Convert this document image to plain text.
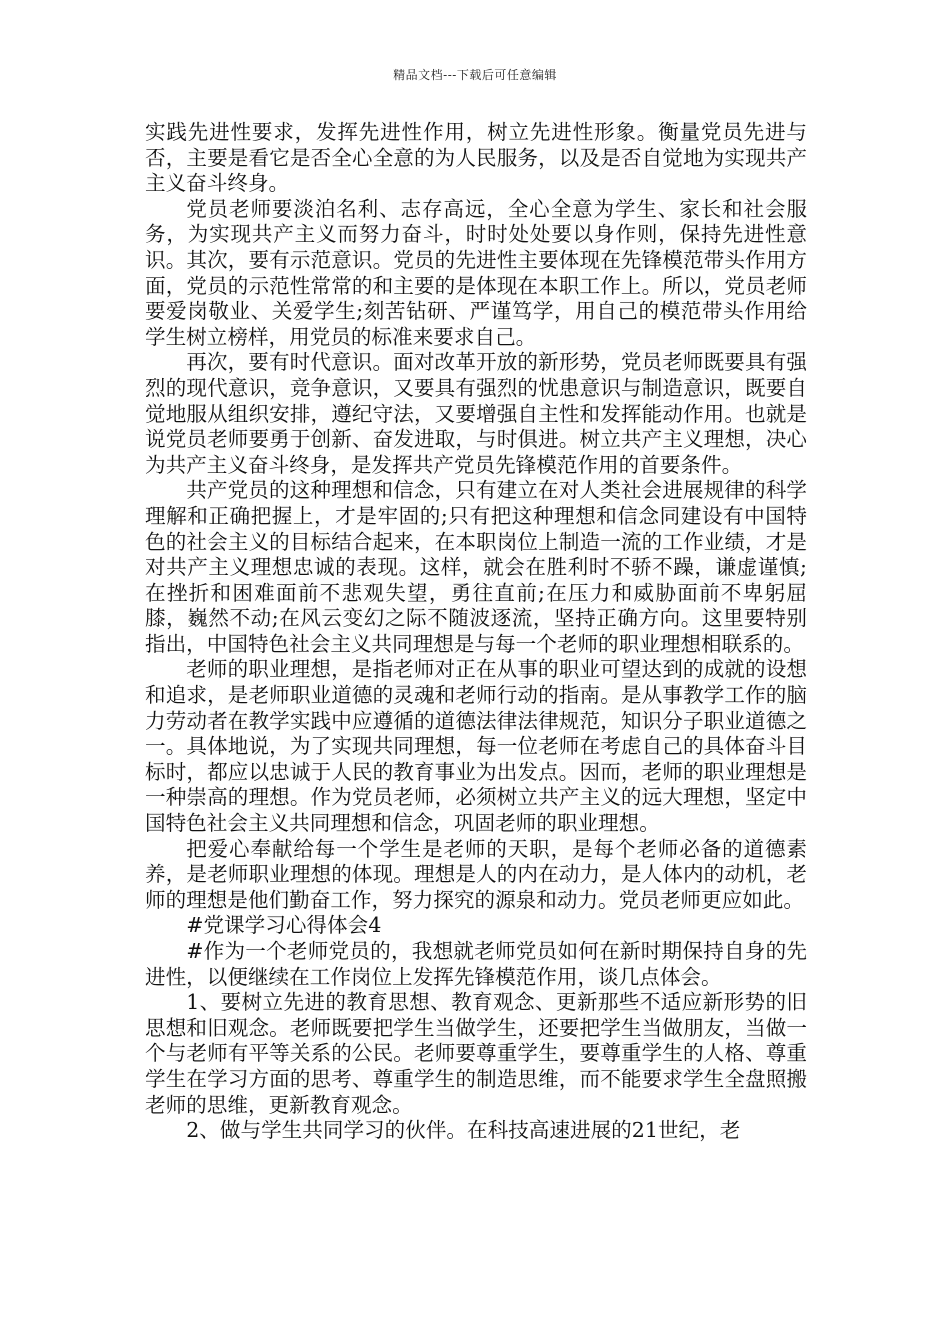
精品文档---下载后可任意编辑

实践先进性要求，发挥先进性作用，树立先进性形象。衡量党员先进与否，主要是看它是否全心全意的为人民服务，以及是否自觉地为实现共产主义奋斗终身。

党员老师要淡泊名利、志存高远，全心全意为学生、家长和社会服务，为实现共产主义而努力奋斗，时时处处要以身作则，保持先进性意识。其次，要有示范意识。党员的先进性主要体现在先锋模范带头作用方面，党员的示范性常常的和主要的是体现在本职工作上。所以，党员老师要爱岗敬业、关爱学生;刻苦钻研、严谨笃学，用自己的模范带头作用给学生树立榜样，用党员的标准来要求自己。

再次，要有时代意识。面对改革开放的新形势，党员老师既要具有强烈的现代意识，竞争意识，又要具有强烈的忧患意识与制造意识，既要自觉地服从组织安排，遵纪守法，又要增强自主性和发挥能动作用。也就是说党员老师要勇于创新、奋发进取，与时俱进。树立共产主义理想，决心为共产主义奋斗终身，是发挥共产党员先锋模范作用的首要条件。

共产党员的这种理想和信念，只有建立在对人类社会进展规律的科学理解和正确把握上，才是牢固的;只有把这种理想和信念同建设有中国特色的社会主义的目标结合起来，在本职岗位上制造一流的工作业绩，才是对共产主义理想忠诚的表现。这样，就会在胜利时不骄不躁，谦虚谨慎;在挫折和困难面前不悲观失望，勇往直前;在压力和威胁面前不卑躬屈膝，巍然不动;在风云变幻之际不随波逐流，坚持正确方向。这里要特别指出，中国特色社会主义共同理想是与每一个老师的职业理想相联系的。

老师的职业理想，是指老师对正在从事的职业可望达到的成就的设想和追求，是老师职业道德的灵魂和老师行动的指南。是从事教学工作的脑力劳动者在教学实践中应遵循的道德法律法律规范，知识分子职业道德之一。具体地说，为了实现共同理想，每一位老师在考虑自己的具体奋斗目标时，都应以忠诚于人民的教育事业为出发点。因而，老师的职业理想是一种崇高的理想。作为党员老师，必须树立共产主义的远大理想，坚定中国特色社会主义共同理想和信念，巩固老师的职业理想。

把爱心奉献给每一个学生是老师的天职，是每个老师必备的道德素养，是老师职业理想的体现。理想是人的内在动力，是人体内的动机，老师的理想是他们勤奋工作，努力探究的源泉和动力。党员老师更应如此。

#党课学习心得体会4

#作为一个老师党员的，我想就老师党员如何在新时期保持自身的先进性，以便继续在工作岗位上发挥先锋模范作用，谈几点体会。

1、要树立先进的教育思想、教育观念、更新那些不适应新形势的旧思想和旧观念。老师既要把学生当做学生，还要把学生当做朋友，当做一个与老师有平等关系的公民。老师要尊重学生，要尊重学生的人格、尊重学生在学习方面的思考、尊重学生的制造思维，而不能要求学生全盘照搬老师的思维，更新教育观念。

2、做与学生共同学习的伙伴。在科技高速进展的21世纪，老
